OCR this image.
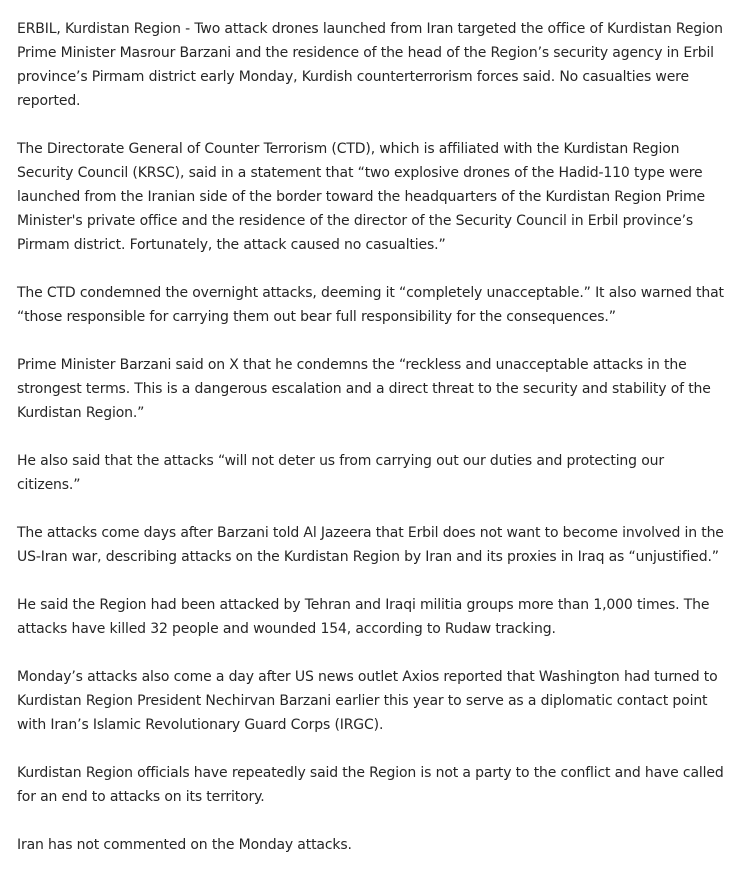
ERBIL, Kurdistan Region - Two attack drones launched from Iran targeted the office of Kurdistan Region Prime Minister Masrour Barzani and the residence of the head of the Region’s security agency in Erbil province’s Pirmam district early Monday, Kurdish counterterrorism forces said. No casualties were reported.

The Directorate General of Counter Terrorism (CTD), which is affiliated with the Kurdistan Region Security Council (KRSC), said in a statement that “two explosive drones of the Hadid-110 type were launched from the Iranian side of the border toward the headquarters of the Kurdistan Region Prime Minister's private office and the residence of the director of the Security Council in Erbil province’s Pirmam district. Fortunately, the attack caused no casualties.”

The CTD condemned the overnight attacks, deeming it “completely unacceptable.” It also warned that “those responsible for carrying them out bear full responsibility for the consequences.”

Prime Minister Barzani said on X that he condemns the “reckless and unacceptable attacks in the strongest terms. This is a dangerous escalation and a direct threat to the security and stability of the Kurdistan Region.”

He also said that the attacks “will not deter us from carrying out our duties and protecting our citizens.”

The attacks come days after Barzani told Al Jazeera that Erbil does not want to become involved in the US-Iran war, describing attacks on the Kurdistan Region by Iran and its proxies in Iraq as “unjustified.”

He said the Region had been attacked by Tehran and Iraqi militia groups more than 1,000 times. The attacks have killed 32 people and wounded 154, according to Rudaw tracking.

Monday’s attacks also come a day after US news outlet Axios reported that Washington had turned to Kurdistan Region President Nechirvan Barzani earlier this year to serve as a diplomatic contact point with Iran’s Islamic Revolutionary Guard Corps (IRGC).

Kurdistan Region officials have repeatedly said the Region is not a party to the conflict and have called for an end to attacks on its territory.

Iran has not commented on the Monday attacks.
